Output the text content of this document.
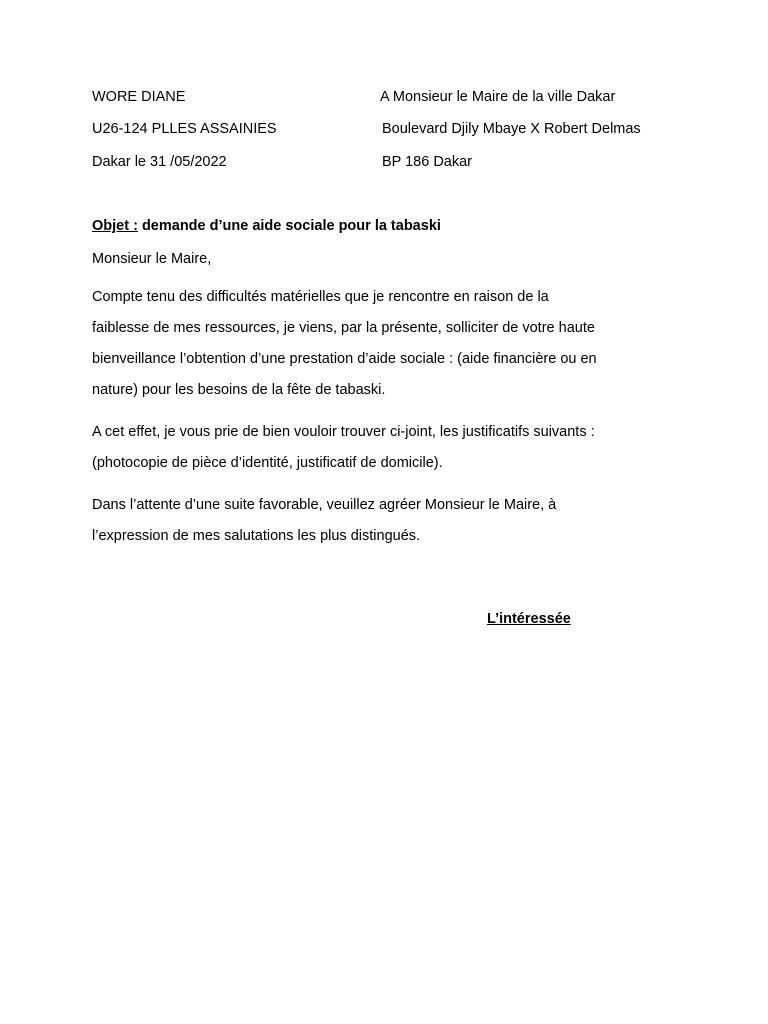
WORE DIANE
U26-124 PLLES ASSAINIES
Dakar le 31 /05/2022
A Monsieur le Maire de la ville Dakar
Boulevard Djily Mbaye X Robert Delmas
BP 186 Dakar
Objet : demande d’une aide sociale pour la tabaski
Monsieur le Maire,
Compte tenu des difficultés matérielles que je rencontre en raison de la
faiblesse de mes ressources, je viens, par la présente, solliciter de votre haute
bienveillance l’obtention d’une prestation d’aide sociale : (aide financière ou en
nature) pour les besoins de la fête de tabaski.
A cet effet, je vous prie de bien vouloir trouver ci-joint, les justificatifs suivants :
(photocopie de pièce d’identité, justificatif de domicile).
Dans l’attente d’une suite favorable, veuillez agréer Monsieur le Maire, à
l’expression de mes salutations les plus distingués.
L’intéressée
